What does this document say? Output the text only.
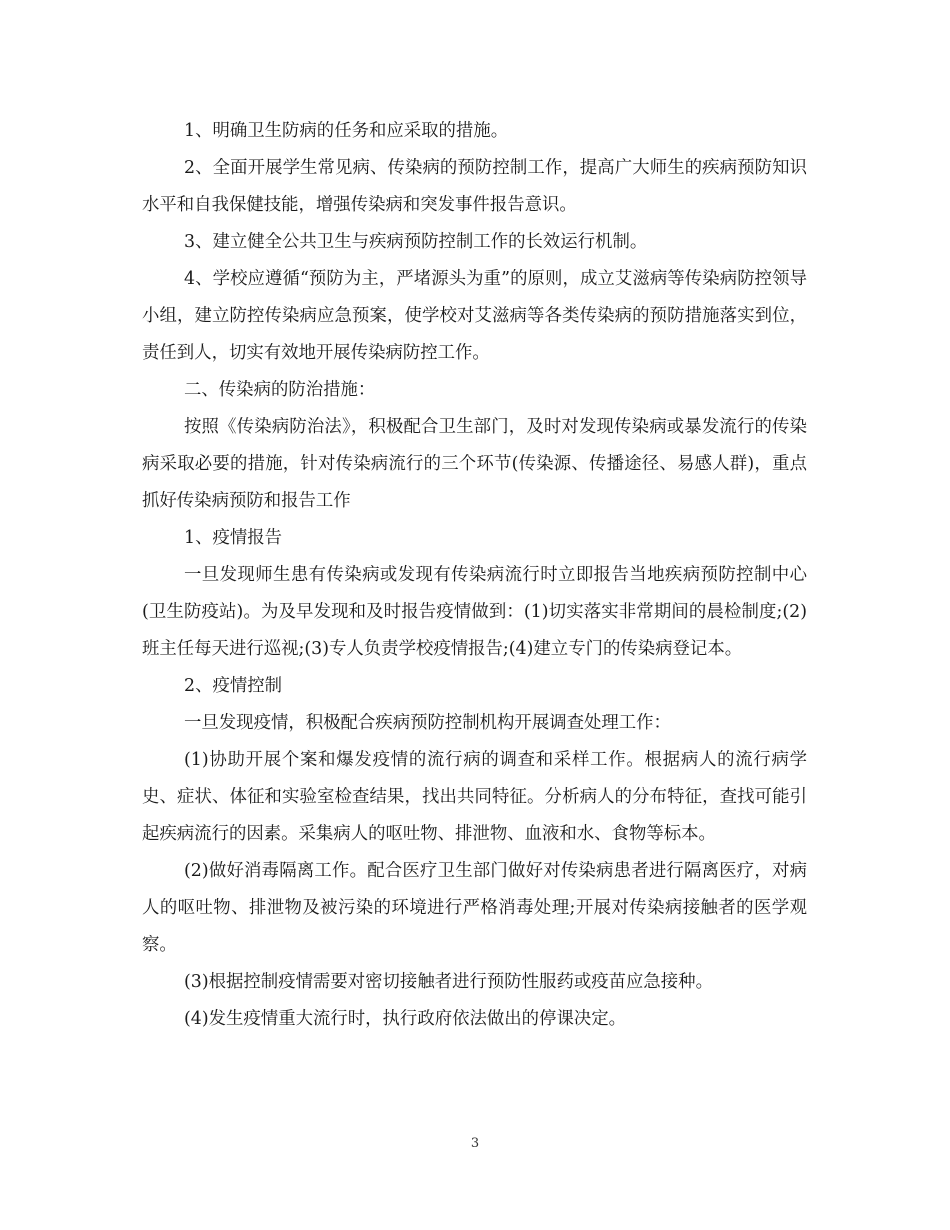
1、明确卫生防病的任务和应采取的措施。

2、全面开展学生常见病、传染病的预防控制工作，提高广大师生的疾病预防知识水平和自我保健技能，增强传染病和突发事件报告意识。

3、建立健全公共卫生与疾病预防控制工作的长效运行机制。

4、学校应遵循“预防为主，严堵源头为重”的原则，成立艾滋病等传染病防控领导小组，建立防控传染病应急预案，使学校对艾滋病等各类传染病的预防措施落实到位，责任到人，切实有效地开展传染病防控工作。

二、传染病的防治措施：

按照《传染病防治法》，积极配合卫生部门，及时对发现传染病或暴发流行的传染病采取必要的措施，针对传染病流行的三个环节(传染源、传播途径、易感人群)，重点抓好传染病预防和报告工作

1、疫情报告

一旦发现师生患有传染病或发现有传染病流行时立即报告当地疾病预防控制中心(卫生防疫站)。为及早发现和及时报告疫情做到：(1)切实落实非常期间的晨检制度;(2)班主任每天进行巡视;(3)专人负责学校疫情报告;(4)建立专门的传染病登记本。

2、疫情控制

一旦发现疫情，积极配合疾病预防控制机构开展调查处理工作：

(1)协助开展个案和爆发疫情的流行病的调查和采样工作。根据病人的流行病学史、症状、体征和实验室检查结果，找出共同特征。分析病人的分布特征，查找可能引起疾病流行的因素。采集病人的呕吐物、排泄物、血液和水、食物等标本。

(2)做好消毒隔离工作。配合医疗卫生部门做好对传染病患者进行隔离医疗，对病人的呕吐物、排泄物及被污染的环境进行严格消毒处理;开展对传染病接触者的医学观察。

(3)根据控制疫情需要对密切接触者进行预防性服药或疫苗应急接种。

(4)发生疫情重大流行时，执行政府依法做出的停课决定。

3
